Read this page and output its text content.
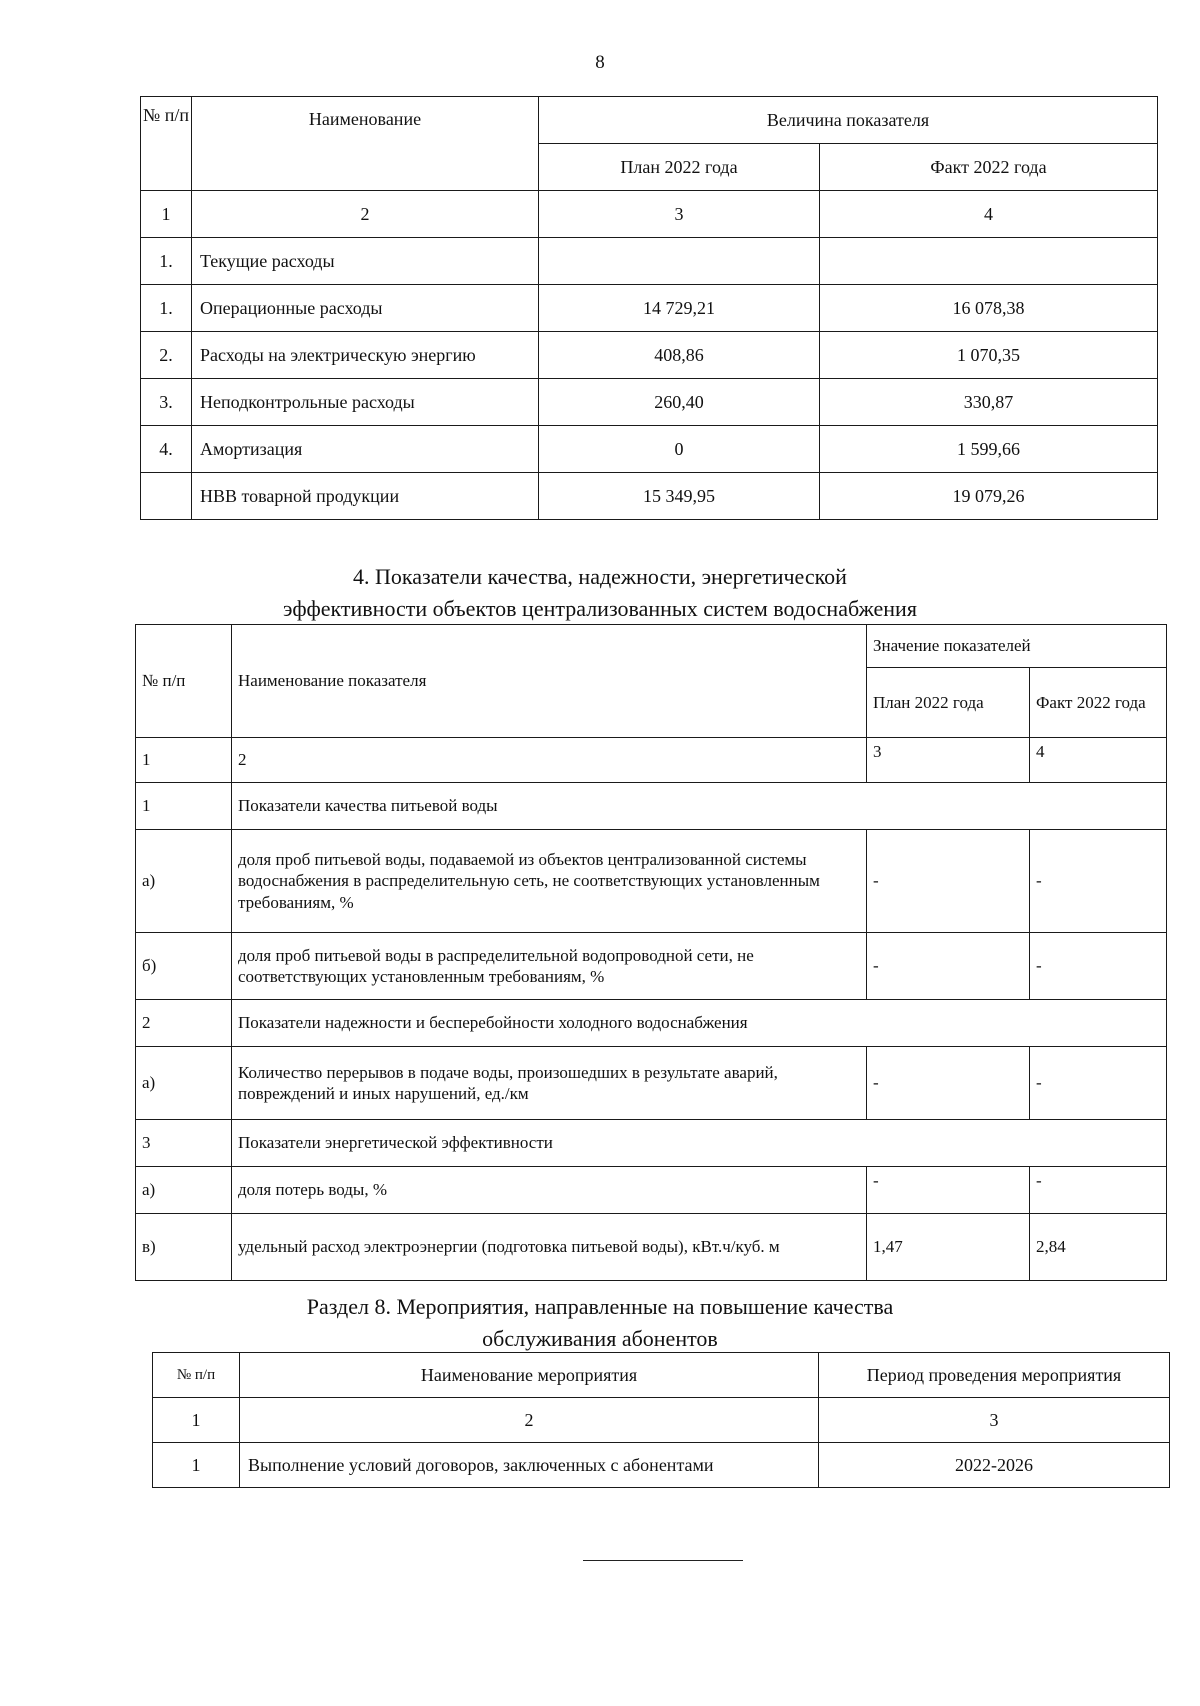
8
№ п/п	Наименование	Величина показателя	
		План 2022 года	Факт 2022 года
1	2	3	4
1.	Текущие расходы		
1.	Операционные расходы	14 729,21	16 078,38
2.	Расходы на электрическую энергию	408,86	1 070,35
3.	Неподконтрольные расходы	260,40	330,87
4.	Амортизация	0	1 599,66
	НВВ товарной продукции	15 349,95	19 079,26
4. Показатели качества, надежности, энергетической
эффективности объектов централизованных систем водоснабжения
№ п/п	Наименование показателя	Значение показателей	
		План 2022 года	Факт 2022 года
1	2	3	4
1	Показатели качества питьевой воды		
а)	доля проб питьевой воды, подаваемой из объектов централизованной системы водоснабжения в распределительную сеть, не соответствующих установленным требованиям, %	-	-
б)	доля проб питьевой воды в распределительной водопроводной сети, не соответствующих установленным требованиям, %	-	-
2	Показатели надежности и бесперебойности холодного водоснабжения		
а)	Количество перерывов в подаче воды, произошедших в результате аварий, повреждений и иных нарушений, ед./км	-	-
3	Показатели энергетической эффективности		
а)	доля потерь воды, %	-	-
в)	удельный расход электроэнергии (подготовка питьевой воды), кВт.ч/куб. м	1,47	2,84
Раздел 8. Мероприятия, направленные на повышение качества
обслуживания абонентов
№ п/п	Наименование мероприятия	Период проведения мероприятия
1	2	3
1	Выполнение условий договоров, заключенных с абонентами	2022-2026
